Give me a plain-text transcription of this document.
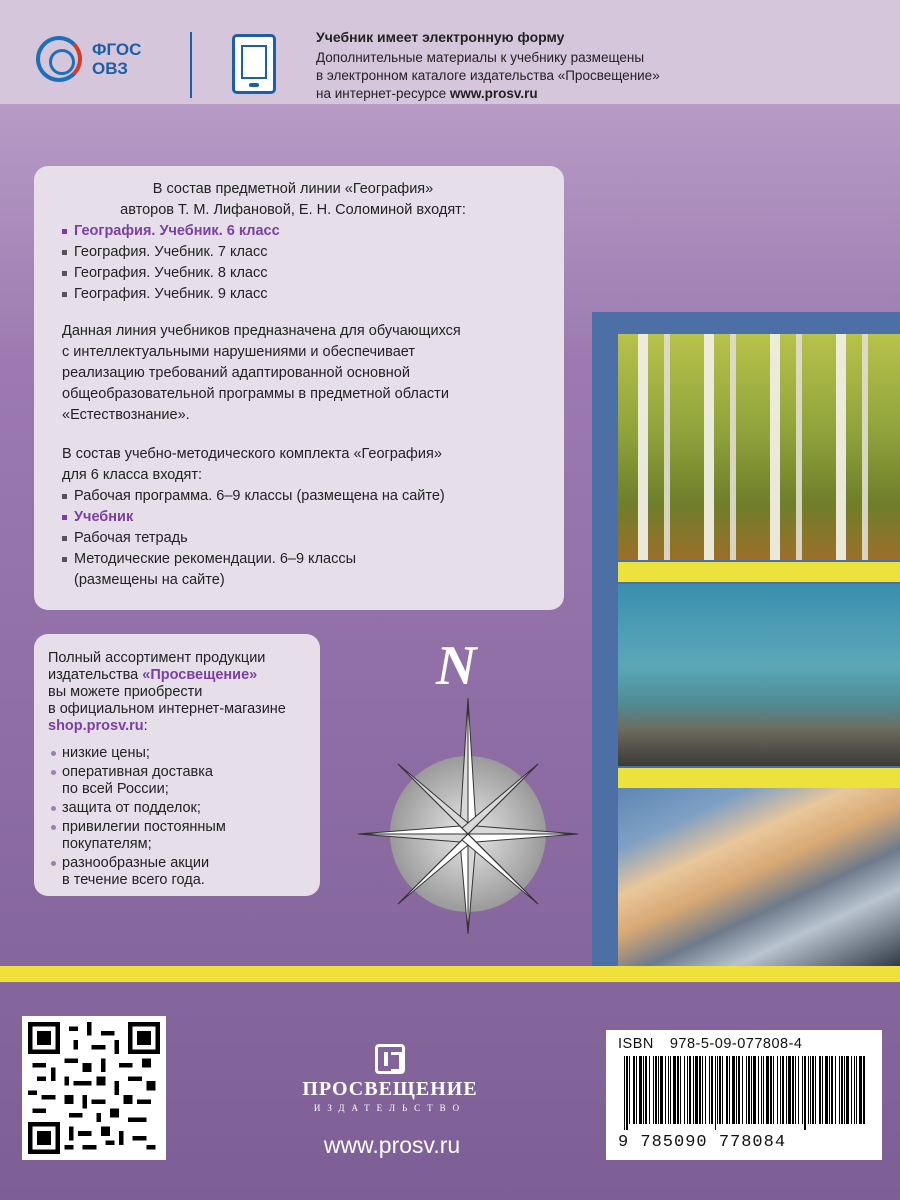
ФГОС
ОВЗ
Учебник имеет электронную форму
Дополнительные материалы к учебнику размещены
в электронном каталоге издательства «Просвещение»
на интернет-ресурсе www.prosv.ru
В состав предметной линии «География»
авторов Т. М. Лифановой, Е. Н. Соломиной входят:
География. Учебник. 6 класс
География. Учебник. 7 класс
География. Учебник. 8 класс
География. Учебник. 9 класс
Данная линия учебников предназначена для обучающихся
с интеллектуальными нарушениями и обеспечивает
реализацию требований адаптированной основной
общеобразовательной программы в предметной области
«Естествознание».
В состав учебно-методического комплекта «География»
для 6 класса входят:
Рабочая программа. 6–9 классы (размещена на сайте)
Учебник
Рабочая тетрадь
Методические рекомендации. 6–9 классы
(размещены на сайте)
Полный ассортимент продукции
издательства «Просвещение»
вы можете приобрести
в официальном интернет-магазине
shop.prosv.ru:
низкие цены;
оперативная доставка
по всей России;
защита от подделок;
привилегии постоянным
покупателям;
разнообразные акции
в течение всего года.
N
ПРОСВЕЩЕНИЕ
ИЗДАТЕЛЬСТВО
www.prosv.ru
ISBN 978-5-09-077808-4
9 785090 778084
